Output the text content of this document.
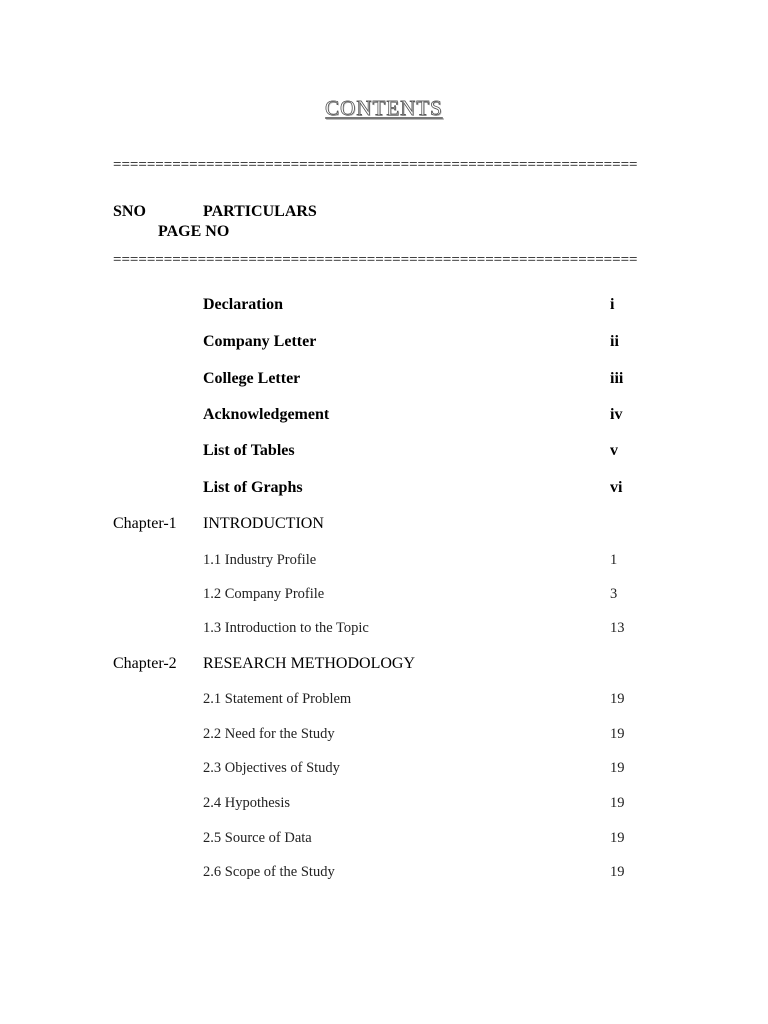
CONTENTS
==============================================================
SNO	PARTICULARS
PAGE NO
==============================================================
Declaration	i
Company Letter	ii
College Letter	iii
Acknowledgement	iv
List of Tables	v
List of Graphs	vi
Chapter-1 INTRODUCTION
1.1 Industry Profile	1
1.2 Company Profile	3
1.3 Introduction to the Topic	13
Chapter-2 RESEARCH METHODOLOGY
2.1 Statement of Problem	19
2.2 Need for the Study	19
2.3 Objectives of Study	19
2.4 Hypothesis	19
2.5 Source of Data	19
2.6 Scope of the Study	19
